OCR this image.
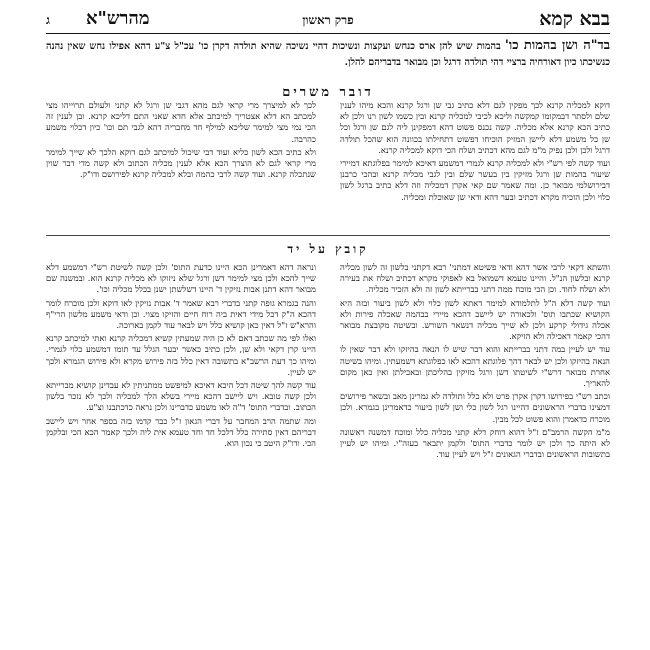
בבא קמא
פרק ראשון
מהרש"א
ג
בד"ה ושן בהמות כו' בהמות שיש להן ארס כנחש ועקצות ונשיכות דהיי נשיכה שהיא תולדה דקרן כו' עכ"ל צ"ע דהא אפילו נחש שאין נהנה כנשיכתו כיון דאורחיה ברציי דהי תולדה דרגל וכן מבואר בדבריהם להלן.
דובר משרים

דוקא למכליה קרנא לכך מפקין לגם דלא כתיב גבי שן ורגל קרנא והכא מיהו לענין שלם ולסתר דבמקומו קמקשה וליכא לכיבי למכליה קרנא ובין כשמו לשון רנו ולכן לא כתיב הכא קרנא אלא מכליה. קשה נכנס פשוט דהא דמפקינן ליה לגם שן ורגל וכל שן כל משמע דלא ליישן המזיק הוכיחו דפשוט דתחילתו בכוונה הוא שהכל תולדה דרגל ולכן ולכן נפיק מ"מ לגם מהא דכתיב ושלח הכי דוקא למכליה קרנא.

ועוד קשה לפי רש"י ולא למכליה קרנא לגמרי דמשמע דאיכא למימר בפלוגתא דמיירי שיעור בהמות שן ורגל מזיקין בין בעשר שלם ובין לגבי מכליה קרנא ובהכי כרבנן דבירושלמי מבואר כן. ומה שאמר שם קאי אקרן דמכליה וזה דלא כתיב ברגל לשון כלוי ולכן הוכיח מקרא דכתיב ובער דהא ודאי שן שאוכלת ומכליה.

לכך לא למיצרך מרי קראי לגם מהא דגבי שן ורגל לא קתני ולעולם תרוייהו מצי למכתב הא דלא אצטריך למיכתב אלא חדא שאני התם דליכא קרנא. ובן לענין זה הכי נמי מצי למימר שליכא למילף חד מחבריה דהא לגבי תם וכו' כיון דכלוי משמע כהרבה.

ולא כתיב הכא לשון כליא ועוד דבי שיכול למיכתב לגם דוקא הלכך לא שייך למימר מרי קראי לגם לא הוצרך הכא אלא לענין מכליה הכתוב ולא קשה מדי דבר שוין שנתכלה קרנא. ועוד קשה לרבי כהמה ובלא למכליה קרנא לפירושם ודו"ק.

קובץ על יד

והשתא דקאי לרבי אשר דהא ודאי פשיטא דמתני' רבא דקתני בלשון זה לשון מכליה קרנא ובלשון הנ"ל. והיינו טעמא דשמואל בא לאפוקי מקרא דכתיב ושלח את בעירה ולא ושלח לחוד. וכן הכי מוכח ממה דתני בברייתא לשון זה ולא הזכיר מכליה.

ועוד קשה דלא ה"ל לתלמודא למימר דאתא לשון כלוי ולא לשון ביעור ובזה היא הקושיא שכתבו תוס' ולכאורה יש ליישב דהכא מיירי בבהמה שאכלה פירות ולא אכלה גידולי קרקע ולכן לא שייך מכליה דנשאר השורש. ובשיטה מקובצת מבואר דהכי קאמר דאכילה ולא הזיקא.

עוד יש לעיין במה דתני בברייתא והוא דבר שיש לו הנאה בהיזקו ולא דבר שאין לו הנאה בהיזקו ולכן יש לבאר דהך פלוגתא דהכא לאו כפלוגתא דשמעתין. ומיהו בשיטה אחרת מבואר דרש"י לשיטתו דשן ורגל מזיקין בהליכתן ובאכילתן ואין כאן מקום להאריך.

וכתב רש"י בפירושו דקרן אקרן פרט ולא כלל ותולדה לא גמרינן מאב ובשאר פירושים דמצינו בדברי הראשונים דהיינו רגל לשון כלי ושן לשון ביעור כדאמרינן בגמרא. ולכן מוכרח כדאמרן והוא פשוט לכל מבין.

מ"מ הקשה הרמב"ם ז"ל דהוא דוחק דלא קתני מכליה כלל ומוכח דמשנה ראשונה לא היתה כך ולכן יש לומר כדברי התוס' ולקמן יתבאר בעזה"י. ומיהו יש לעיין בתשובות הראשונים ובדברי הגאונים ז"ל ויש לעיין עוד.

ונראה דהא דאמרינן הכא היינו כדעת התוס' ולכן קשה לשיטת רש"י דמשמע דלא שייך להכא ולכן מצי למימר דשן ורגל שלא ניזוקו לא מכליה קרנא הוא. ובמשנה שם מבואר דהא דתנן אבות נזיקין ד' היינו דשלשתן ישנן בכלל מכליה וכו'.

והנה בגמרא גופה קתני בדברי רבא שאמר ד' אבות נזיקין לאו דוקא ולכן מוכרח לומר דהכא ה"ק דכל מידי דאית ביה רוח חיים והזיקו מצוי. וכן ודאי משמע מלשון הרי"ף והרא"ש ז"ל דאין כאן קושיא כלל ויש לבאר עוד לקמן בארוכה.

ואלו לפי מה שכתב דאם לא כן היה שמעתין קשיא דמכליה קרנא ואתי למיכתב קרנא היינו קרן דקאי ולא שן, ולכן כתיב כאשר יבער הגלל עד תומו דמשמע כלוי לגמרי. ומיהו כך דעת הרשב"א בתשובה דאין כלל בזה פירוש מקרא ולא פירוש הגמרא ולכך יש לעיין.

עוד קשה להך שיטה דכל היכא דאיכא למיפשט ממתניתין לא עבדינן קושיא מברייתא ולכן קשה טובא. ויש ליישב דהכא מיירי בשלא הלך למכליה ולכך לא נזכר בלשון הכתוב. ובדברי התוס' ד"ה לאו משמע כדברינו ולכן נראה כדכתבנו וצ"ע.

ומה שתמה הרב המחבר על דברי הגאון ז"ל כבר קדמו בזה בספר אחר ויש ליישב דבריהם דאין סתירה כלל דלכל חד וחד טעמא אית ליה ולכך קאמר הכא הכי ובלקמן הכי. ודו"ק היטב כי נכון הוא.
